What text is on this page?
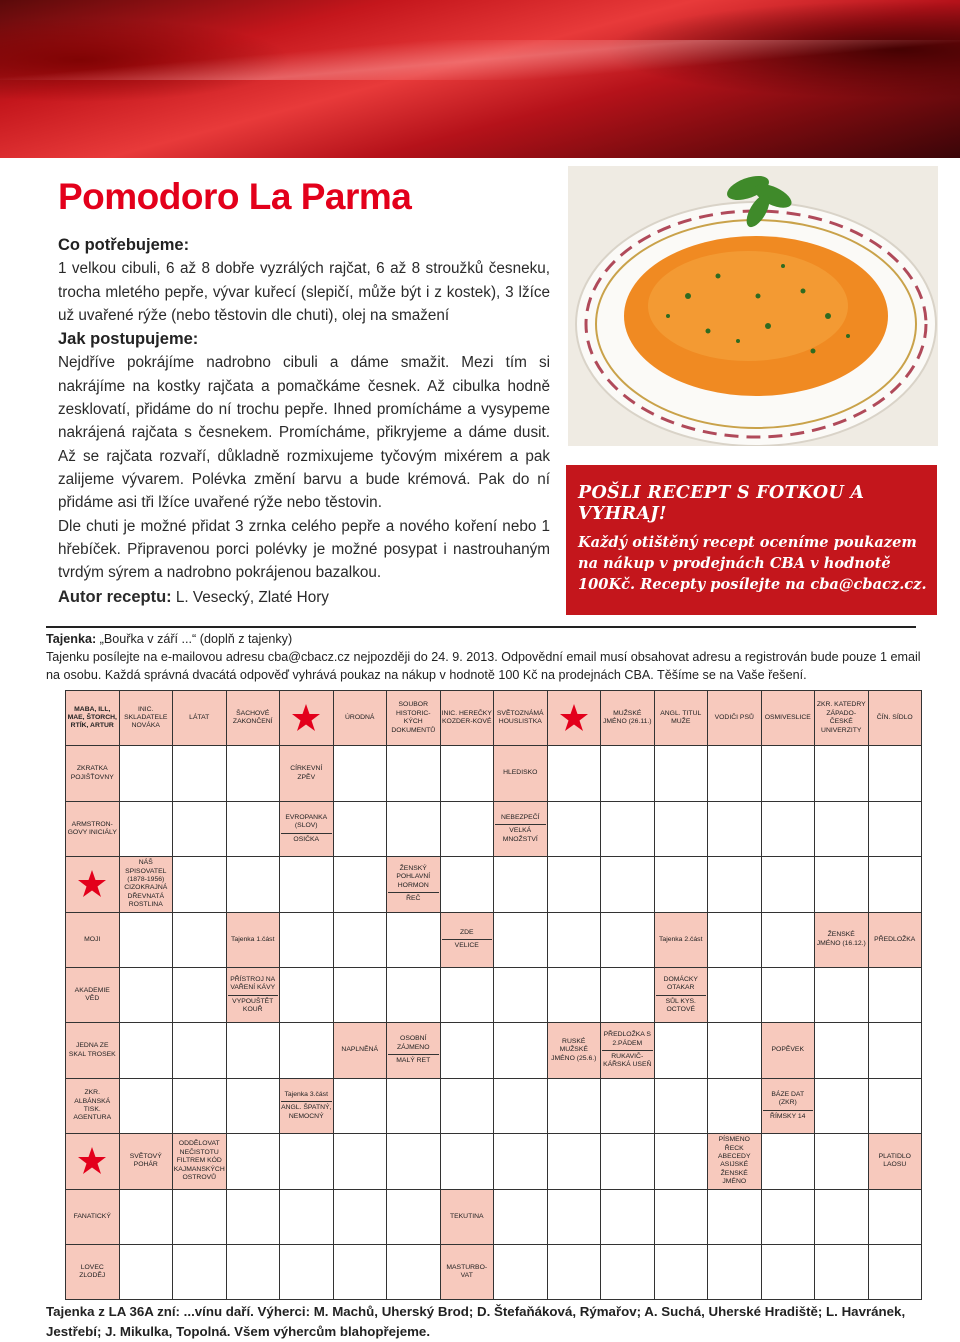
Pomodoro La Parma
Co potřebujeme:

1 velkou cibuli, 6 až 8 dobře vyzrálých rajčat, 6 až 8 stroužků česneku, trocha mletého pepře, vývar kuřecí (slepičí, může být i z kostek), 3 lžíce už uvařené rýže (nebo těstovin dle chuti), olej na smažení

Jak postupujeme:

Nejdříve pokrájíme nadrobno cibuli a dáme smažit. Mezi tím si nakrájíme na kostky rajčata a pomačkáme česnek. Až cibulka hodně zesklovatí, přidáme do ní trochu pepře. Ihned promícháme a vysypeme nakrájená rajčata s česnekem. Promícháme, přikryjeme a dáme dusit. Až se rajčata rozvaří, důkladně rozmixujeme tyčovým mixérem a pak zalijeme vývarem. Polévka změní barvu a bude krémová. Pak do ní přidáme asi tři lžíce uvařené rýže nebo těstovin.

Dle chuti je možné přidat 3 zrnka celého pepře a nového koření nebo 1 hřebíček. Připravenou porci polévky je možné posypat i nastrouhaným tvrdým sýrem a nadrobno pokrájenou bazalkou.

Autor receptu: L. Vesecký, Zlaté Hory

POŠLI RECEPT S FOTKOU A VYHRAJ!
Každý otištěný recept oceníme poukazem na nákup v prodejnách CBA v hodnotě 100Kč. Recepty posílejte na cba@cbacz.cz.

Tajenka: „Bouřka v září ...“ (doplň z tajenky)

Tajenku posílejte na e-mailovou adresu cba@cbacz.cz nejpozději do 24. 9. 2013. Odpovědní email musí obsahovat adresu a registrován bude pouze 1 email na osobu. Každá správná dvacátá odpověď vyhrává poukaz na nákup v hodnotě 100 Kč na prodejnách CBA. Těšíme se na Vaše řešení.

MABA, ILL, MAE, ŠTORCH, RTÍK, ARTUR
INIC. SKLADATELE NOVÁKA
LÁTAT
ŠACHOVÉ ZAKONČENÍ
ÚRODNÁ
SOUBOR HISTORIC-KÝCH DOKUMENTŮ
INIC. HEREČKY KOZDER-KOVÉ
SVĚTOZNÁMÁ HOUSLISTKA
MUŽSKÉ JMÉNO (26.11.)
ANGL. TITUL MUŽE
VODIČI PSŮ OSMIVESLICE
ZKR. KATEDRY ZÁPADO-ČESKÉ UNIVERZITY
ČÍN. SÍDLO
ZKRATKA POJIŠŤOVNY
CÍRKEVNÍ ZPĚV
HLEDISKO
ARMSTRON-GOVY INICIÁLY
EVROPANKA (SLOV)
OSIČKA
NEBEZPEČÍ
VELKÁ MNOŽSTVÍ
NÁŠ SPISOVATEL (1878-1956) CIZOKRAJNÁ DŘEVNATÁ ROSTLINA
ŽENSKÝ POHLAVNÍ HORMON
ŘEČ
MOJI	Tajenka 1.část
ZDE
VELICE
Tajenka 2.část
ŽENSKÉ JMÉNO (16.12.)
PŘEDLOŽKA
AKADEMIE VĚD
PŘÍSTROJ NA VAŘENÍ KÁVY
VYPOUŠTĚT KOUŘ
DOMÁCKY OTAKAR
SŮL KYS. OCTOVÉ
JEDNA ZE SKAL TROSEK
NAPLNĚNÁ
OSOBNÍ ZÁJMENO
MALÝ RET
RUSKÉ MUŽSKÉ JMÉNO (25.6.)
PŘEDLOŽKA S 2.PÁDEM
RUKAVIČ-KÁŘSKÁ USEŇ
POPĚVEK
ZKR. ALBÁNSKÁ TISK. AGENTURA
Tajenka 3.část
ANGL. ŠPATNÝ, NEMOCNÝ
BÁZE DAT (ZKR)
ŘÍMSKY 14
SVĚTOVÝ POHÁR
ODDĚLOVAT NEČISTOTU FILTREM KÓD KAJMANSKÝCH OSTROVŮ
PÍSMENO ŘECK ABECEDY ASIJSKÉ ŽENSKÉ JMÉNO
PLATIDLO LAOSU
FANATICKÝ	TEKUTINA
LOVEC ZLODĚJ
MASTURBO-VAT
Tajenka z LA 36A zní: ...vínu daří. Výherci: M. Machů, Uherský Brod; D. Štefaňáková, Rýmařov; A. Suchá, Uherské Hradiště; L. Havránek, Jestřebí; J. Mikulka, Topolná. Všem výhercům blahopřejeme.
